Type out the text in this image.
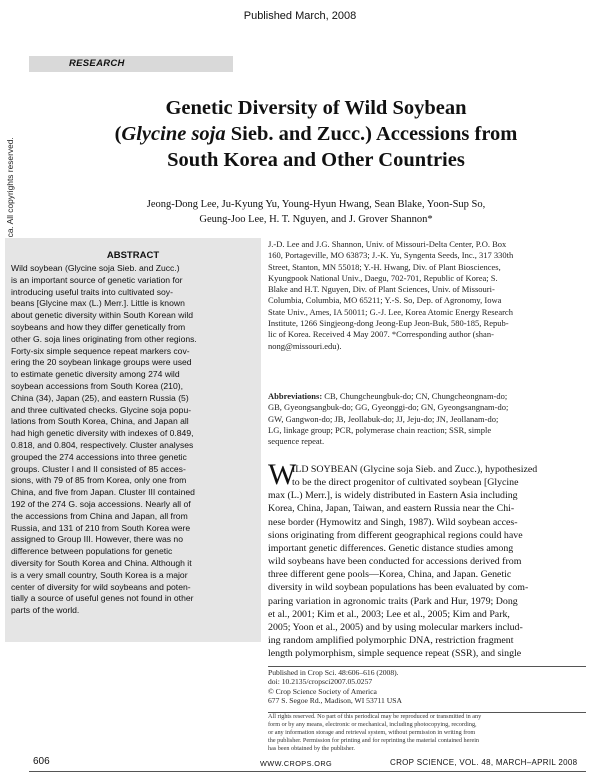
Published March, 2008
RESEARCH
Genetic Diversity of Wild Soybean
(Glycine soja Sieb. and Zucc.) Accessions from
South Korea and Other Countries
Jeong-Dong Lee, Ju-Kyung Yu, Young-Hyun Hwang, Sean Blake, Yoon-Sup So,
Geung-Joo Lee, H. T. Nguyen, and J. Grover Shannon*
ABSTRACT
Wild soybean (Glycine soja Sieb. and Zucc.)
is an important source of genetic variation for
introducing useful traits into cultivated soy-
beans [Glycine max (L.) Merr.]. Little is known
about genetic diversity within South Korean wild
soybeans and how they differ genetically from
other G. soja lines originating from other regions.
Forty-six simple sequence repeat markers cov-
ering the 20 soybean linkage groups were used
to estimate genetic diversity among 274 wild
soybean accessions from South Korea (210),
China (34), Japan (25), and eastern Russia (5)
and three cultivated checks. Glycine soja popu-
lations from South Korea, China, and Japan all
had high genetic diversity with indexes of 0.849,
0.818, and 0.804, respectively. Cluster analyses
grouped the 274 accessions into three genetic
groups. Cluster I and II consisted of 85 acces-
sions, with 79 of 85 from Korea, only one from
China, and five from Japan. Cluster III contained
192 of the 274 G. soja accessions. Nearly all of
the accessions from China and Japan, all from
Russia, and 131 of 210 from South Korea were
assigned to Group III. However, there was no
difference between populations for genetic
diversity for South Korea and China. Although it
is a very small country, South Korea is a major
center of diversity for wild soybeans and poten-
tially a source of useful genes not found in other
parts of the world.
J.-D. Lee and J.G. Shannon, Univ. of Missouri-Delta Center, P.O. Box
160, Portageville, MO 63873; J.-K. Yu, Syngenta Seeds, Inc., 317 330th
Street, Stanton, MN 55018; Y.-H. Hwang, Div. of Plant Biosciences,
Kyungpook National Univ., Daegu, 702-701, Republic of Korea; S.
Blake and H.T. Nguyen, Div. of Plant Sciences, Univ. of Missouri-
Columbia, Columbia, MO 65211; Y.-S. So, Dep. of Agronomy, Iowa
State Univ., Ames, IA 50011; G.-J. Lee, Korea Atomic Energy Research
Institute, 1266 Singjeong-dong Jeong-Eup Jeon-Buk, 580-185, Repub-
lic of Korea. Received 4 May 2007. *Corresponding author (shan-
nong@missouri.edu).
Abbreviations: CB, Chungcheungbuk-do; CN, Chungcheongnam-do;
GB, Gyeongsangbuk-do; GG, Gyeonggi-do; GN, Gyeongsangnam-do;
GW, Gangwon-do; JB, Jeollabuk-do; JJ, Jeju-do; JN, Jeollanam-do;
LG, linkage group; PCR, polymerase chain reaction; SSR, simple
sequence repeat.
W
ILD SOYBEAN (Glycine soja Sieb. and Zucc.), hypothesized
to be the direct progenitor of cultivated soybean [Glycine
max (L.) Merr.], is widely distributed in Eastern Asia including
Korea, China, Japan, Taiwan, and eastern Russia near the Chi-
nese border (Hymowitz and Singh, 1987). Wild soybean acces-
sions originating from different geographical regions could have
important genetic differences. Genetic distance studies among
wild soybeans have been conducted for accessions derived from
three different gene pools—Korea, China, and Japan. Genetic
diversity in wild soybean populations has been evaluated by com-
paring variation in agronomic traits (Park and Hur, 1979; Dong
et al., 2001; Kim et al., 2003; Lee et al., 2005; Kim and Park,
2005; Yoon et al., 2005) and by using molecular markers includ-
ing random amplified polymorphic DNA, restriction fragment
length polymorphism, simple sequence repeat (SSR), and single
Published in Crop Sci. 48:606–616 (2008).
doi: 10.2135/cropsci2007.05.0257
© Crop Science Society of America
677 S. Segoe Rd., Madison, WI 53711 USA
All rights reserved. No part of this periodical may be reproduced or transmitted in any
form or by any means, electronic or mechanical, including photocopying, recording,
or any information storage and retrieval system, without permission in writing from
the publisher. Permission for printing and for reprinting the material contained herein
has been obtained by the publisher.
606	WWW.CROPS.ORG	CROP SCIENCE, VOL. 48, MARCH–APRIL 2008
